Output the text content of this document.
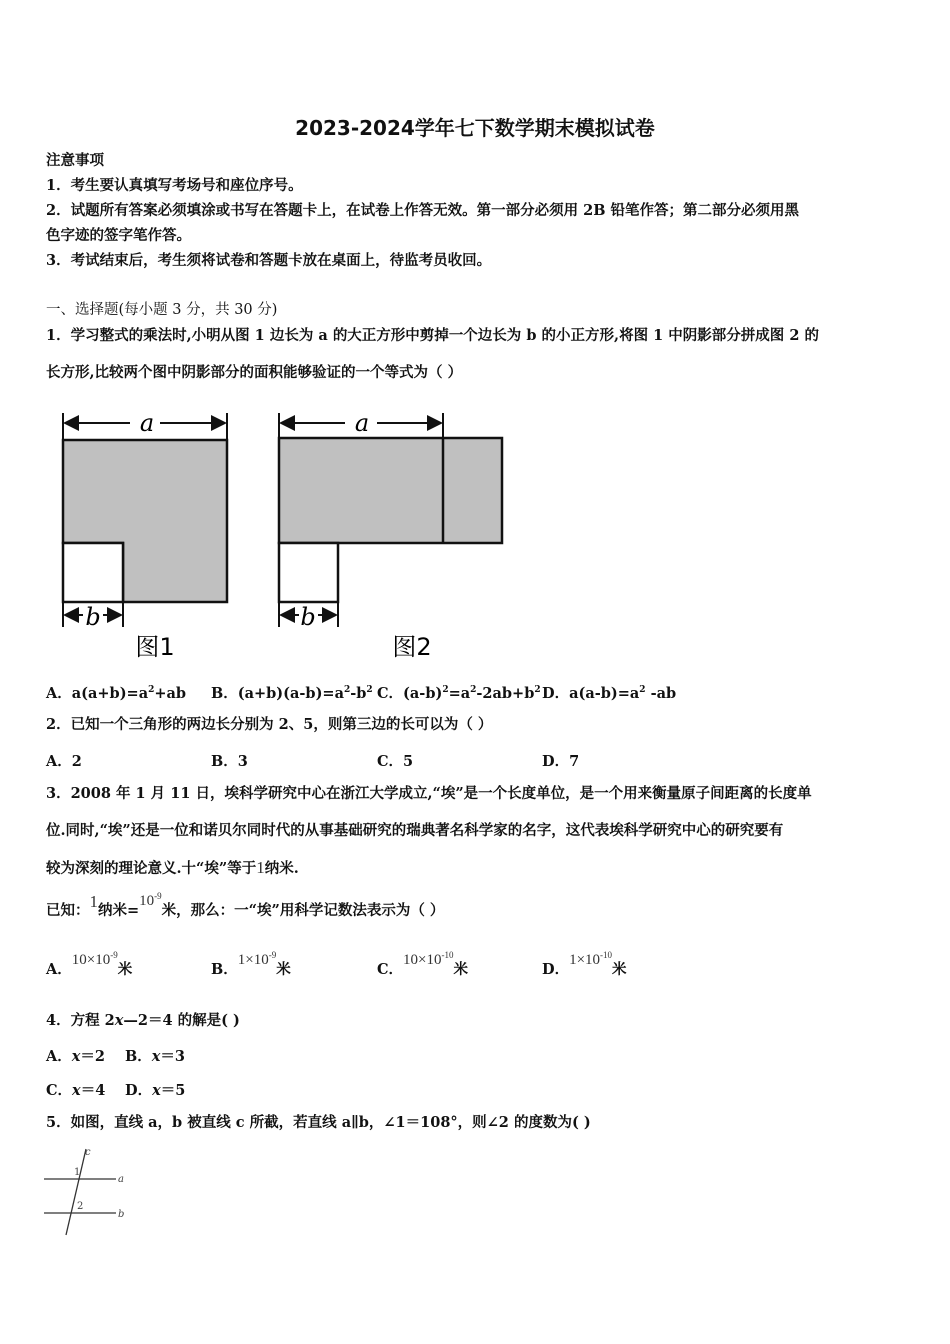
2023-2024学年七下数学期末模拟试卷
注意事项
1．考生要认真填写考场号和座位序号。
2．试题所有答案必须填涂或书写在答题卡上，在试卷上作答无效。第一部分必须用 2B 铅笔作答；第二部分必须用黑
色字迹的签字笔作答。
3．考试结束后，考生须将试卷和答题卡放在桌面上，待监考员收回。
一、选择题(每小题 3 分，共 30 分)
1．学习整式的乘法时,小明从图 1 边长为 a 的大正方形中剪掉一个边长为 b 的小正方形,将图 1 中阴影部分拼成图 2 的
长方形,比较两个图中阴影部分的面积能够验证的一个等式为（ ）
a
b
图1
a
b
图2
A．$a(a+b)=a^2+ab$ B．$(a+b)(a-b)=a^2-b^2$ C．$(a-b)^2=a^2-2ab+b^2$ D．$a(a-b)=a^2$ -ab
2．已知一个三角形的两边长分别为 2、5，则第三边的长可以为（ ）
A．2	B．3	C．5	D．7
3．2008 年 1 月 11 日，埃科学研究中心在浙江大学成立,“埃”是一个长度单位，是一个用来衡量原子间距离的长度单
位.同时,“埃”还是一位和诺贝尔同时代的从事基础研究的瑞典著名科学家的名字，这代表埃科学研究中心的研究要有
较为深刻的理论意义.十“埃”等于1纳米.
已知：1纳米$=10^{-9}$米，那么：一“埃”用科学记数法表示为（ ）
A．$10\times 10^{-9}$米	B．$1\times 10^{-9}$米	C．$10\times 10^{-10}$米	D．$1\times 10^{-10}$米
4．方程 2x—2＝4 的解是( )
A．x＝2 B．x＝3
C．x＝4 D．x＝5
5．如图，直线 a，b 被直线 c 所截，若直线 a∥b，∠1＝108°，则∠2 的度数为( )
c
a
b
1
2
